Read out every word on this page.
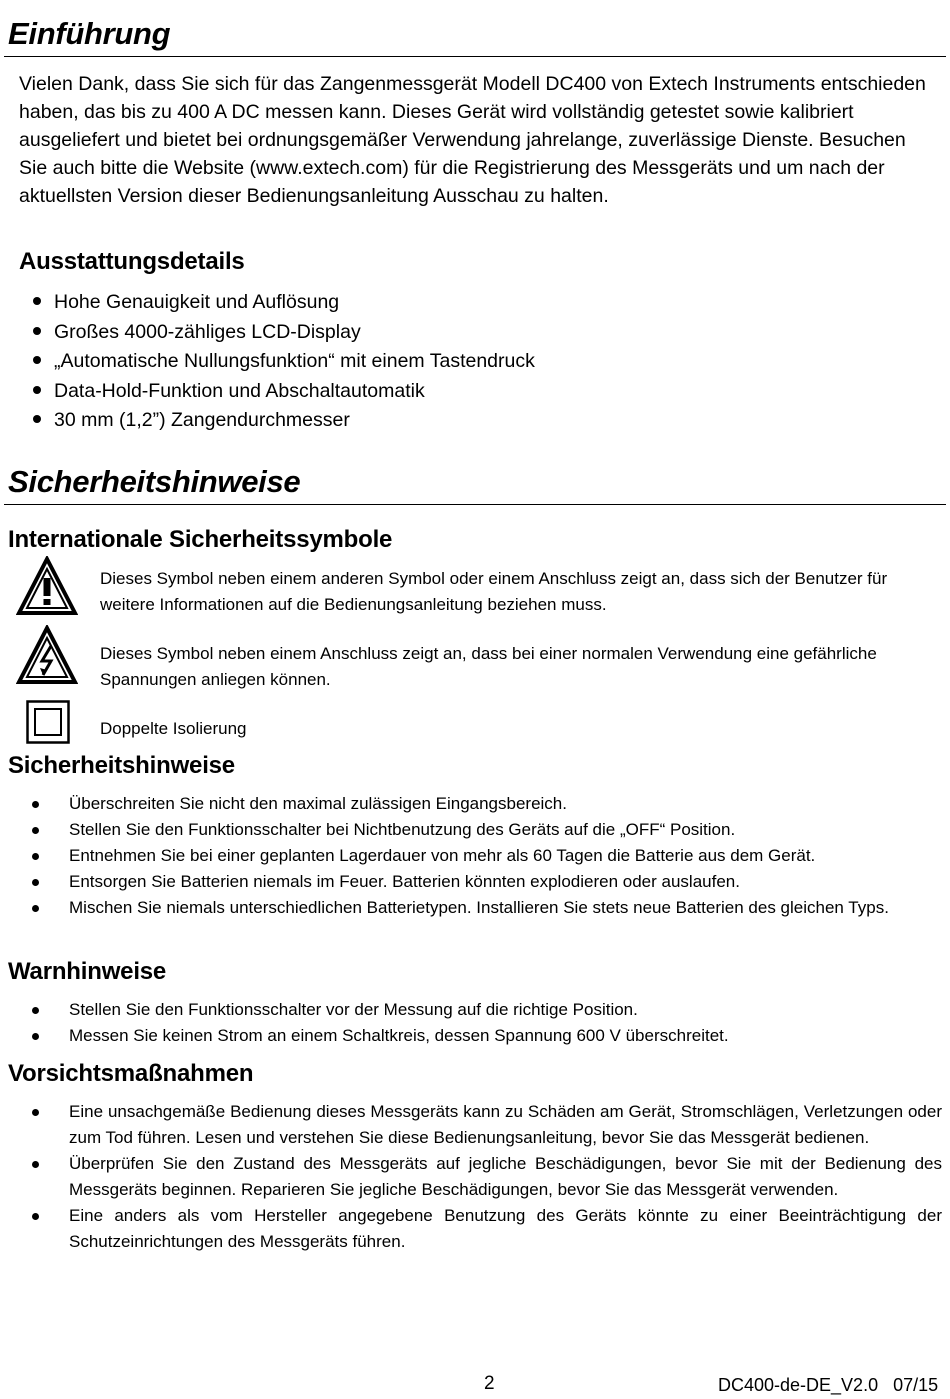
Einführung
Vielen Dank, dass Sie sich für das Zangenmessgerät Modell DC400 von Extech Instruments entschieden haben, das bis zu 400 A DC messen kann. Dieses Gerät wird vollständig getestet sowie kalibriert ausgeliefert und bietet bei ordnungsgemäßer Verwendung jahrelange, zuverlässige Dienste. Besuchen Sie auch bitte die Website (www.extech.com) für die Registrierung des Messgeräts und um nach der aktuellsten Version dieser Bedienungsanleitung Ausschau zu halten.
Ausstattungsdetails
Hohe Genauigkeit und Auflösung
Großes 4000-zähliges LCD-Display
„Automatische Nullungsfunktion“ mit einem Tastendruck
Data-Hold-Funktion und Abschaltautomatik
30 mm (1,2”) Zangendurchmesser
Sicherheitshinweise
Internationale Sicherheitssymbole
Dieses Symbol neben einem anderen Symbol oder einem Anschluss zeigt an, dass sich der Benutzer für weitere Informationen auf die Bedienungsanleitung beziehen muss.
Dieses Symbol neben einem Anschluss zeigt an, dass bei einer normalen Verwendung eine gefährliche Spannungen anliegen können.
Doppelte Isolierung
Sicherheitshinweise
Überschreiten Sie nicht den maximal zulässigen Eingangsbereich.
Stellen Sie den Funktionsschalter bei Nichtbenutzung des Geräts auf die „OFF“ Position.
Entnehmen Sie bei einer geplanten Lagerdauer von mehr als 60 Tagen die Batterie aus dem Gerät.
Entsorgen Sie Batterien niemals im Feuer. Batterien könnten explodieren oder auslaufen.
Mischen Sie niemals unterschiedlichen Batterietypen. Installieren Sie stets neue Batterien des gleichen Typs.
Warnhinweise
Stellen Sie den Funktionsschalter vor der Messung auf die richtige Position.
Messen Sie keinen Strom an einem Schaltkreis, dessen Spannung 600 V überschreitet.
Vorsichtsmaßnahmen
Eine unsachgemäße Bedienung dieses Messgeräts kann zu Schäden am Gerät, Stromschlägen, Verletzungen oder zum Tod führen. Lesen und verstehen Sie diese Bedienungsanleitung, bevor Sie das Messgerät bedienen.
Überprüfen Sie den Zustand des Messgeräts auf jegliche Beschädigungen, bevor Sie mit der Bedienung des Messgeräts beginnen. Reparieren Sie jegliche Beschädigungen, bevor Sie das Messgerät verwenden.
Eine anders als vom Hersteller angegebene Benutzung des Geräts könnte zu einer Beeinträchtigung der Schutzeinrichtungen des Messgeräts führen.
2	DC400-de-DE_V2.0   07/15
